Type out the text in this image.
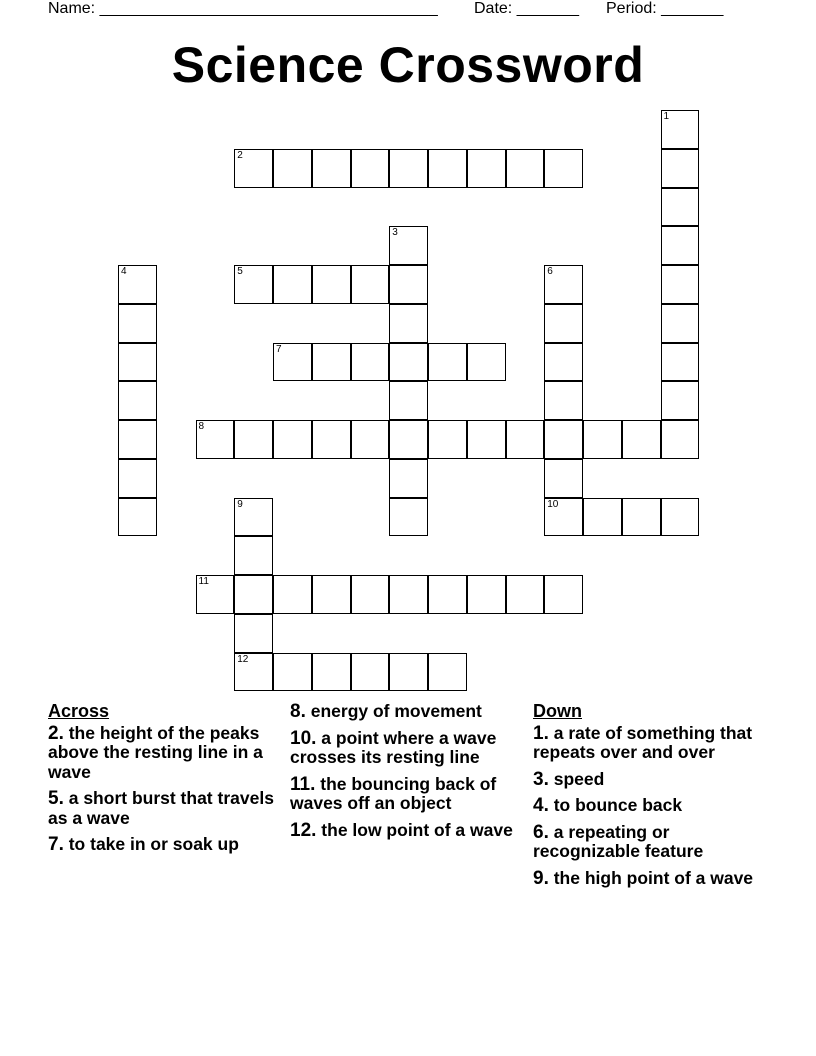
Name: ______________________________________ Date: _______ Period: _______
Science Crossword
1
2
3
4	5	6
10
7
8
9
12
11
Across
2. the height of the peaks above the resting line in a wave
5. a short burst that travels as a wave
7. to take in or soak up
8. energy of movement
10. a point where a wave crosses its resting line
11. the bouncing back of waves off an object
12. the low point of a wave
Down
1. a rate of something that repeats over and over
3. speed
4. to bounce back
6. a repeating or recognizable feature
9. the high point of a wave
